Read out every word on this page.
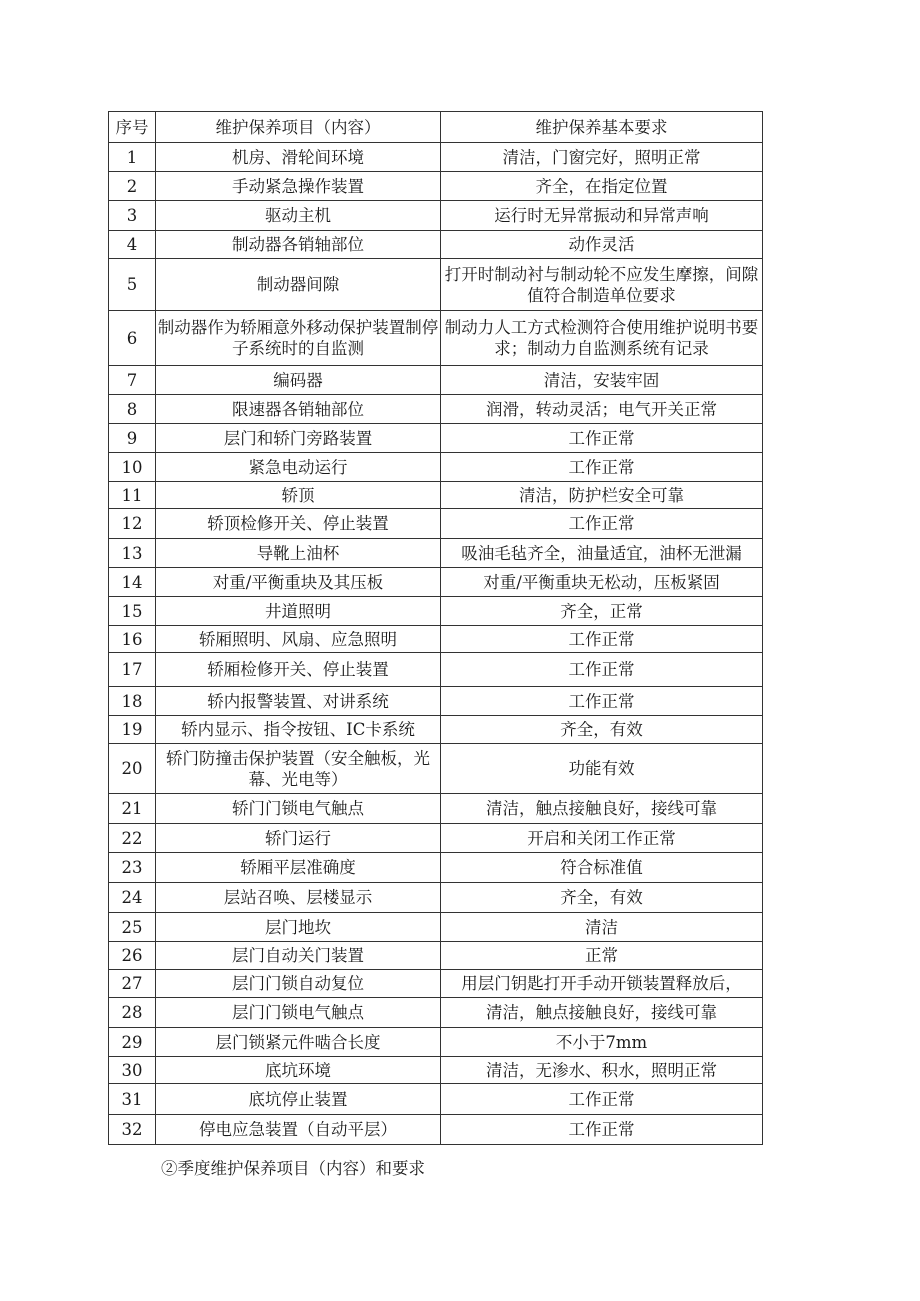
序号	维护保养项目（内容）	维护保养基本要求
1	机房、滑轮间环境	清洁，门窗完好，照明正常
2	手动紧急操作装置	齐全，在指定位置
3	驱动主机	运行时无异常振动和异常声响
4	制动器各销轴部位	动作灵活
5	制动器间隙	打开时制动衬与制动轮不应发生摩擦，间隙值符合制造单位要求
6	制动器作为轿厢意外移动保护装置制停子系统时的自监测	制动力人工方式检测符合使用维护说明书要求；制动力自监测系统有记录
7	编码器	清洁，安装牢固
8	限速器各销轴部位	润滑，转动灵活；电气开关正常
9	层门和轿门旁路装置	工作正常
10	紧急电动运行	工作正常
11	轿顶	清洁，防护栏安全可靠
12	轿顶检修开关、停止装置	工作正常
13	导靴上油杯	吸油毛毡齐全，油量适宜，油杯无泄漏
14	对重/平衡重块及其压板	对重/平衡重块无松动，压板紧固
15	井道照明	齐全，正常
16	轿厢照明、风扇、应急照明	工作正常
17	轿厢检修开关、停止装置	工作正常
18	轿内报警装置、对讲系统	工作正常
19	轿内显示、指令按钮、IC卡系统	齐全，有效
20	轿门防撞击保护装置（安全触板，光幕、光电等）	功能有效
21	轿门门锁电气触点	清洁，触点接触良好，接线可靠
22	轿门运行	开启和关闭工作正常
23	轿厢平层准确度	符合标准值
24	层站召唤、层楼显示	齐全，有效
25	层门地坎	清洁
26	层门自动关门装置	正常
27	层门门锁自动复位	用层门钥匙打开手动开锁装置释放后，
28	层门门锁电气触点	清洁，触点接触良好，接线可靠
29	层门锁紧元件啮合长度	不小于7mm
30	底坑环境	清洁，无渗水、积水，照明正常
31	底坑停止装置	工作正常
32	停电应急装置（自动平层）	工作正常
②季度维护保养项目（内容）和要求
